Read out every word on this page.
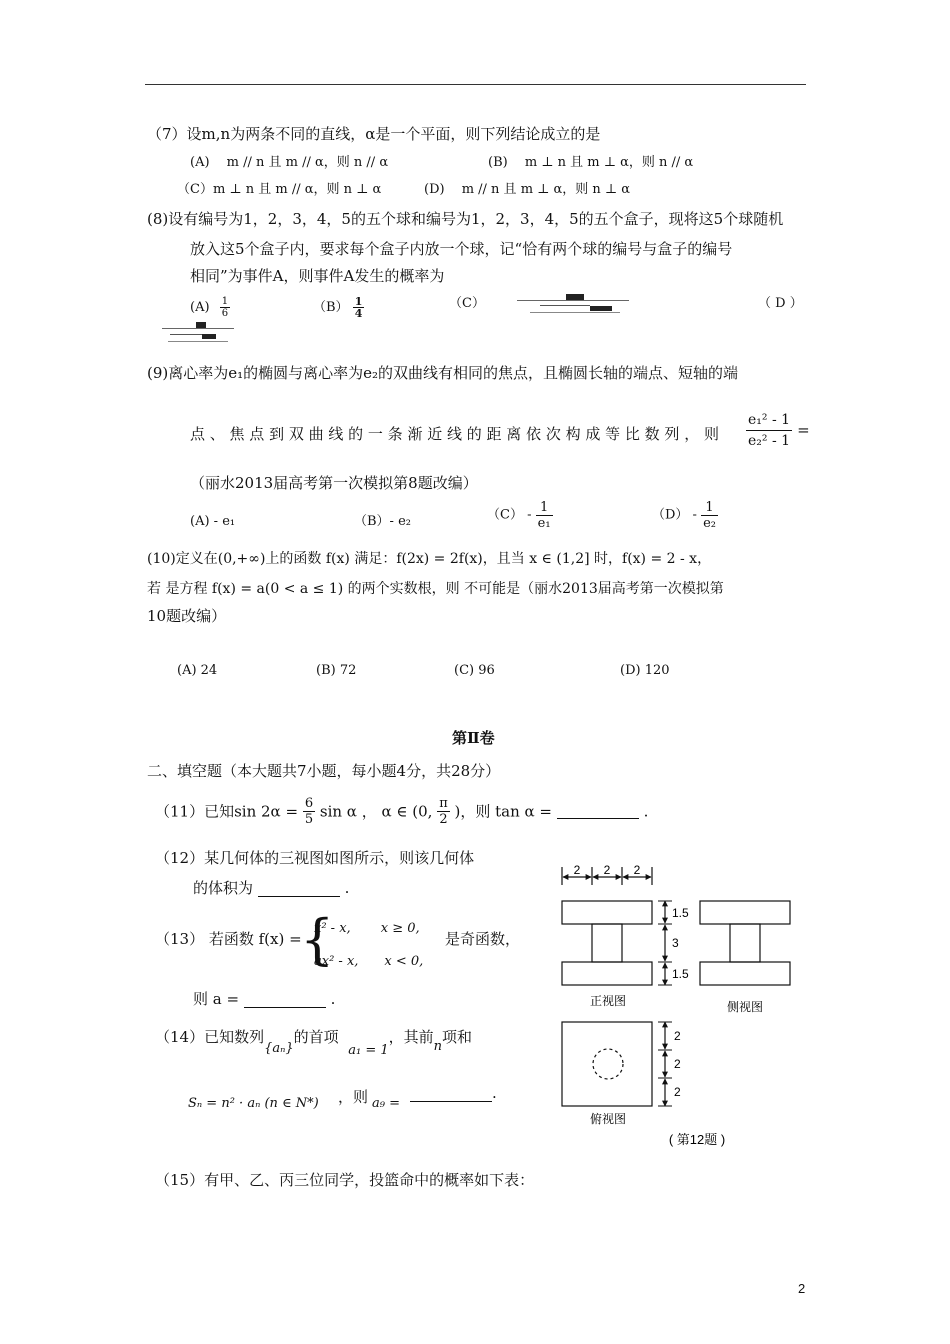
（7）设m,n为两条不同的直线，α是一个平面，则下列结论成立的是
(A)　 m // n 且 m // α，则 n // α	(B)　 m ⊥ n 且 m ⊥ α，则 n // α
（C）m ⊥ n 且 m // α，则 n ⊥ α	(D)　 m // n 且 m ⊥ α，则 n ⊥ α
(8)设有编号为1，2，3，4，5的五个球和编号为1，2，3，4，5的五个盒子，现将这5个球随机
放入这5个盒子内，要求每个盒子内放一个球，记“恰有两个球的编号与盒子的编号
相同”为事件A，则事件A发生的概率为
$(A) \frac{1}{6}$	$(B) \frac{1}{4}$	（C）	（ D ）
(9)离心率为e₁的椭圆与离心率为e₂的双曲线有相同的焦点，且椭圆长轴的端点、短轴的端
点 、 焦 点 到 双 曲 线 的 一 条 渐 近 线 的 距 离 依 次 构 成 等 比 数 列 ， 则 $\frac{\text{e₁² - 1}}{\text{e₂² - 1}}$ =
（丽水2013届高考第一次模拟第8题改编）
(A) - e₁	（B）- e₂	$(C) - \frac{1}{\text{e₁}}$	$(D) - \frac{1}{\text{e₂}}$
(10)定义在(0,+∞)上的函数 f(x) 满足：f(2x) = 2f(x)，且当 x ∈ (1,2] 时，f(x) = 2 - x，
若 是方程 f(x) = a(0 < a ≤ 1) 的两个实数根，则 不可能是（丽水2013届高考第一次模拟第
10题改编）
(A) 24	(B) 72	(C) 96	(D) 120
第Ⅱ卷
二、填空题（本大题共7小题，每小题4分，共28分）
（11）已知$\sin 2\alpha = \frac{6}{5}$ sin α ， α ∈ (0, $\frac{\pi}{2}$ )，则 tan α =	.
（12）某几何体的三视图如图所示，则该几何体
的体积为	.
（13） 若函数 f(x) =
{
x² - x,　　 x ≥ 0,
ax² - x,　　x < 0,
是奇函数，
则 a =	.
（14）已知数列{aₙ}的首项  a₁ = 1，其前n项和
Sₙ = n² · aₙ (n ∈ N*) ，则 a₉ =
.
（15）有甲、乙、丙三位同学，投篮命中的概率如下表：
2 2 2
1.5
3
1.5
正视图	侧视图
2
2
2
俯视图
( 第12题 )
2
